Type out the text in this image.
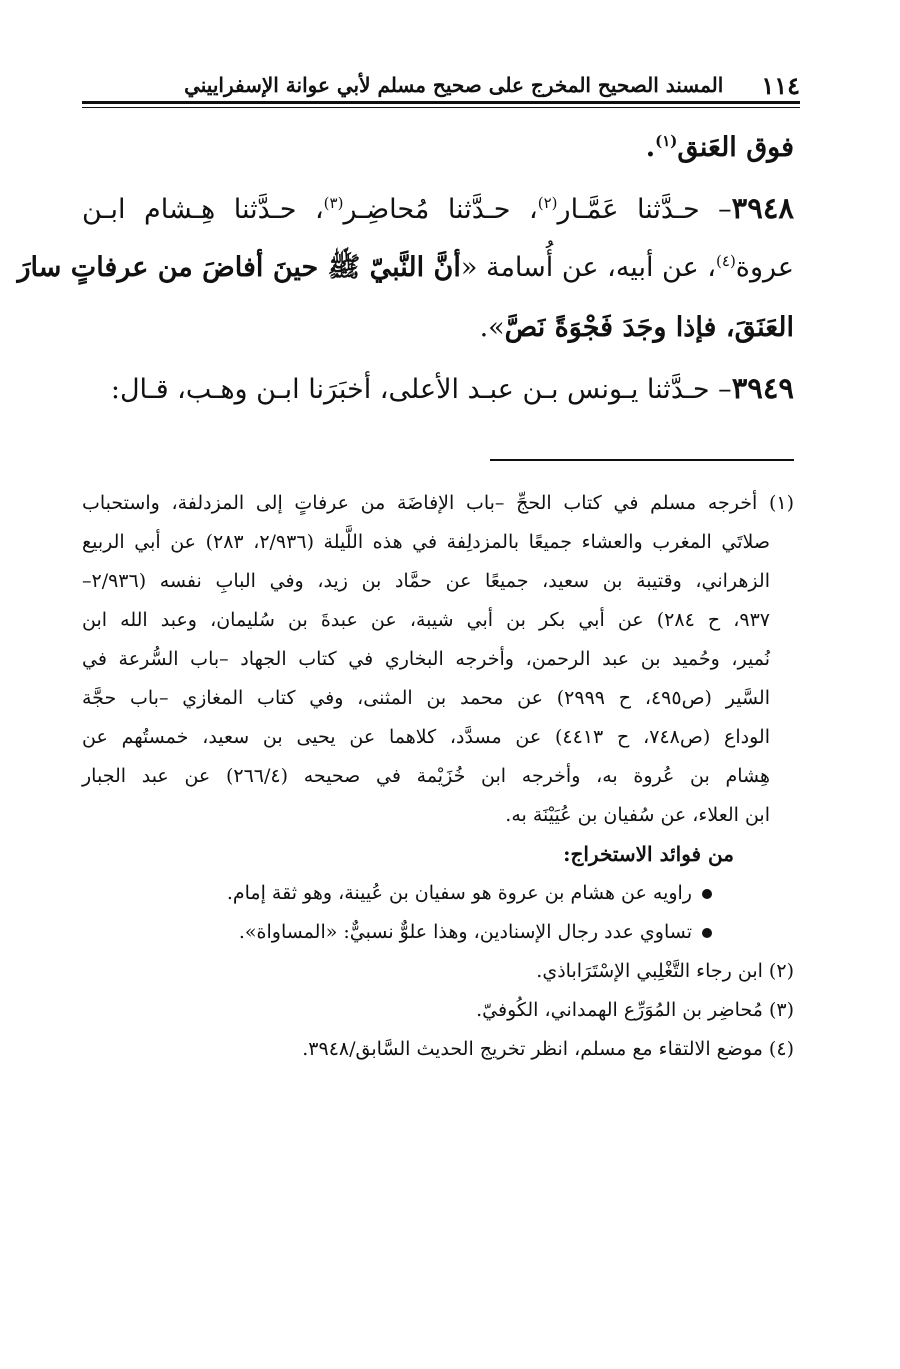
١١٤
المسند الصحيح المخرج على صحيح مسلم لأبي عوانة الإسفراييني
فوق العَنق$^{(١)}$.
٣٩٤٨– حـدَّثنا عَمَّـار$^{(٢)}$، حـدَّثنا مُحاضِـر$^{(٣)}$، حـدَّثنا هِـشام ابـن
عروة$^{(٤)}$، عن أبيه، عن أُسامة «أنَّ النَّبيّ ﷺ حينَ أفاضَ من عرفاتٍ سارَ
العَنَقَ، فإذا وجَدَ فَجْوَةً نَصَّ».
٣٩٤٩– حـدَّثنا يـونس بـن عبـد الأعلى، أخبَرَنا ابـن وهـب، قـال:
(١) أخرجه مسلم في كتاب الحجِّ –باب الإفاضَة من عرفاتٍ إلى المزدلفة، واستحباب
صلاتَي المغرب والعشاء جميعًا بالمزدلِفة في هذه اللَّيلة (٢/٩٣٦، ٢٨٣) عن أبي الربيع
الزهراني، وقتيبة بن سعيد، جميعًا عن حمَّاد بن زيد، وفي البابِ نفسه (٢/٩٣٦–
٩٣٧، ح ٢٨٤) عن أبي بكر بن أبي شيبة، عن عبدةَ بن سُليمان، وعبد الله ابن
نُمير، وحُميد بن عبد الرحمن، وأخرجه البخاري في كتاب الجهاد –باب السُّرعة في
السَّير (ص٤٩٥، ح ٢٩٩٩) عن محمد بن المثنى، وفي كتاب المغازي –باب حجَّة
الوداع (ص٧٤٨، ح ٤٤١٣) عن مسدَّد، كلاهما عن يحيى بن سعيد، خمستُهم عن
هِشام بن عُروة به، وأخرجه ابن خُزَيْمة في صحيحه (٢٦٦/٤) عن عبد الجبار
ابن العلاء، عن سُفيان بن عُيَيْنَة به.
من فوائد الاستخراج:
راويه عن هشام بن عروة هو سفيان بن عُيينة، وهو ثقة إمام.
تساوي عدد رجال الإسنادين، وهذا علوٌّ نسبيٌّ: «المساواة».
(٢) ابن رجاء التَّغْلِبي الإسْتَرَاباذي.
(٣) مُحاضِر بن المُوَرِّع الهمداني، الكُوفيّ.
(٤) موضع الالتقاء مع مسلم، انظر تخريج الحديث السَّابق/٣٩٤٨.
